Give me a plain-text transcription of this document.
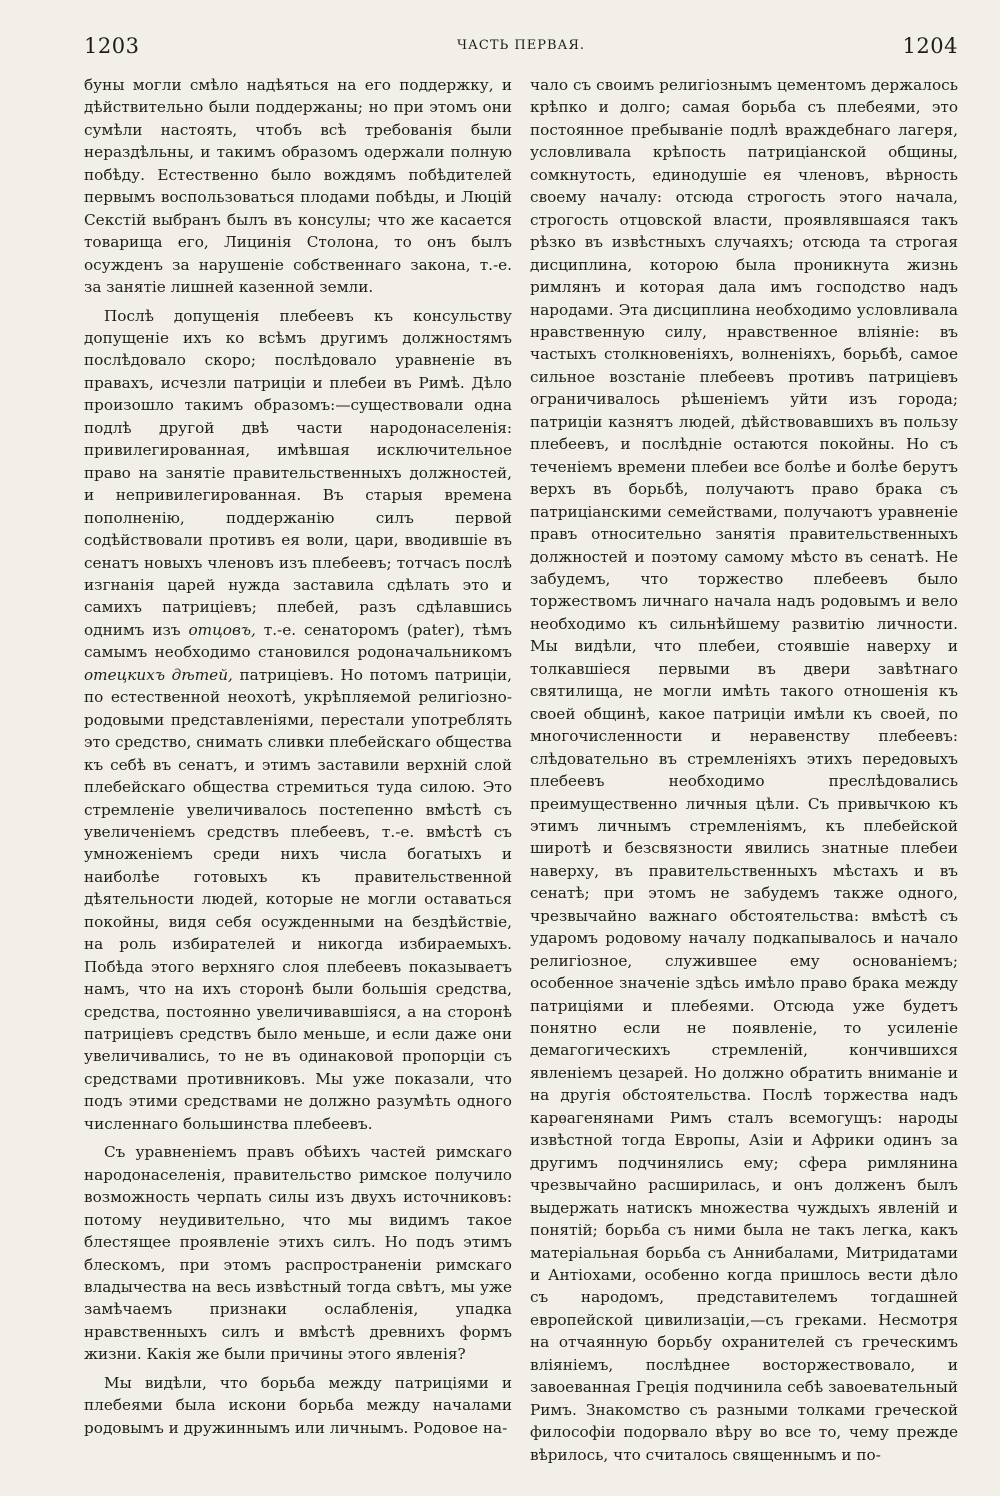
1203	ЧАСТЬ ПЕРВАЯ.	1204

буны могли смѣло надѣяться на его поддержку, и дѣйствительно были поддержаны; но при этомъ они сумѣли настоять, чтобъ всѣ требованія были нераздѣльны, и такимъ образомъ одержали полную побѣду. Естественно было вождямъ побѣдителей первымъ воспользоваться плодами побѣды, и Люцій Секстій выбранъ былъ въ консулы; что же касается товарища его, Лицинія Столона, то онъ былъ осужденъ за нарушеніе собственнаго закона, т.-е. за занятіе лишней казенной земли.

Послѣ допущенія плебеевъ къ консульству допущеніе ихъ ко всѣмъ другимъ должностямъ послѣдовало скоро; послѣдовало уравненіе въ правахъ, исчезли патриціи и плебеи въ Римѣ. Дѣло произошло такимъ образомъ:—существовали одна подлѣ другой двѣ части народонаселенія: привилегированная, имѣвшая исключительное право на занятіе правительственныхъ должностей, и непривилегированная. Въ старыя времена пополненію, поддержанію силъ первой содѣйствовали противъ ея воли, цари, вводившіе въ сенатъ новыхъ членовъ изъ плебеевъ; тотчасъ послѣ изгнанія царей нужда заставила сдѣлать это и самихъ патриціевъ; плебей, разъ сдѣлавшись однимъ изъ отцовъ, т.-е. сенаторомъ (pater), тѣмъ самымъ необходимо становился родоначальникомъ отецкихъ дѣтей, патриціевъ. Но потомъ патриціи, по естественной неохотѣ, укрѣпляемой религіозно-родовыми представленіями, перестали употреблять это средство, снимать сливки плебейскаго общества къ себѣ въ сенатъ, и этимъ заставили верхній слой плебейскаго общества стремиться туда силою. Это стремленіе увеличивалось постепенно вмѣстѣ съ увеличеніемъ средствъ плебеевъ, т.-е. вмѣстѣ съ умноженіемъ среди нихъ числа богатыхъ и наиболѣе готовыхъ къ правительственной дѣятельности людей, которые не могли оставаться покойны, видя себя осужденными на бездѣйствіе, на роль избирателей и никогда избираемыхъ. Побѣда этого верхняго слоя плебеевъ показываетъ намъ, что на ихъ сторонѣ были большія средства, средства, постоянно увеличивавшіяся, а на сторонѣ патриціевъ средствъ было меньше, и если даже они увеличивались, то не въ одинаковой пропорціи съ средствами противниковъ. Мы уже показали, что подъ этими средствами не должно разумѣть одного численнаго большинства плебеевъ.

Съ уравненіемъ правъ обѣихъ частей римскаго народонаселенія, правительство римское получило возможность черпать силы изъ двухъ источниковъ: потому неудивительно, что мы видимъ такое блестящее проявленіе этихъ силъ. Но подъ этимъ блескомъ, при этомъ распространеніи римскаго владычества на весь извѣстный тогда свѣтъ, мы уже замѣчаемъ признаки ослабленія, упадка нравственныхъ силъ и вмѣстѣ древнихъ формъ жизни. Какія же были причины этого явленія?

Мы видѣли, что борьба между патриціями и плебеями была искони борьба между началами родовымъ и дружиннымъ или личнымъ. Родовое на-

чало съ своимъ религіознымъ цементомъ держалось крѣпко и долго; самая борьба съ плебеями, это постоянное пребываніе подлѣ враждебнаго лагеря, условливала крѣпость патриціанской общины, сомкнутость, единодушіе ея членовъ, вѣрность своему началу: отсюда строгость этого начала, строгость отцовской власти, проявлявшаяся такъ рѣзко въ извѣстныхъ случаяхъ; отсюда та строгая дисциплина, которою была проникнута жизнь римлянъ и которая дала имъ господство надъ народами. Эта дисциплина необходимо условливала нравственную силу, нравственное вліяніе: въ частыхъ столкновеніяхъ, волненіяхъ, борьбѣ, самое сильное возстаніе плебеевъ противъ патриціевъ ограничивалось рѣшеніемъ уйти изъ города; патриціи казнятъ людей, дѣйствовавшихъ въ пользу плебеевъ, и послѣдніе остаются покойны. Но съ теченіемъ времени плебеи все болѣе и болѣе берутъ верхъ въ борьбѣ, получаютъ право брака съ патриціанскими семействами, получаютъ уравненіе правъ относительно занятія правительственныхъ должностей и поэтому самому мѣсто въ сенатѣ. Не забудемъ, что торжество плебеевъ было торжествомъ личнаго начала надъ родовымъ и вело необходимо къ сильнѣйшему развитію личности. Мы видѣли, что плебеи, стоявшіе наверху и толкавшіеся первыми въ двери завѣтнаго святилища, не могли имѣть такого отношенія къ своей общинѣ, какое патриціи имѣли къ своей, по многочисленности и неравенству плебеевъ: слѣдовательно въ стремленіяхъ этихъ передовыхъ плебеевъ необходимо преслѣдовались преимущественно личныя цѣли. Съ привычкою къ этимъ личнымъ стремленіямъ, къ плебейской широтѣ и безсвязности явились знатные плебеи наверху, въ правительственныхъ мѣстахъ и въ сенатѣ; при этомъ не забудемъ также одного, чрезвычайно важнаго обстоятельства: вмѣстѣ съ ударомъ родовому началу подкапывалось и начало религіозное, служившее ему основаніемъ; особенное значеніе здѣсь имѣло право брака между патриціями и плебеями. Отсюда уже будетъ понятно если не появленіе, то усиленіе демагогическихъ стремленій, кончившихся явленіемъ цезарей. Но должно обратить вниманіе и на другія обстоятельства. Послѣ торжества надъ карѳагенянами Римъ сталъ всемогущъ: народы извѣстной тогда Европы, Азіи и Африки одинъ за другимъ подчинялись ему; сфера римлянина чрезвычайно расширилась, и онъ долженъ былъ выдержать натискъ множества чуждыхъ явленій и понятій; борьба съ ними была не такъ легка, какъ матеріальная борьба съ Аннибалами, Митридатами и Антіохами, особенно когда пришлось вести дѣло съ народомъ, представителемъ тогдашней европейской цивилизаціи,—съ греками. Несмотря на отчаянную борьбу охранителей съ греческимъ вліяніемъ, послѣднее восторжествовало, и завоеванная Греція подчинила себѣ завоевательный Римъ. Знакомство съ разными толками греческой философіи подорвало вѣру во все то, чему прежде вѣрилось, что считалось священнымъ и по-
